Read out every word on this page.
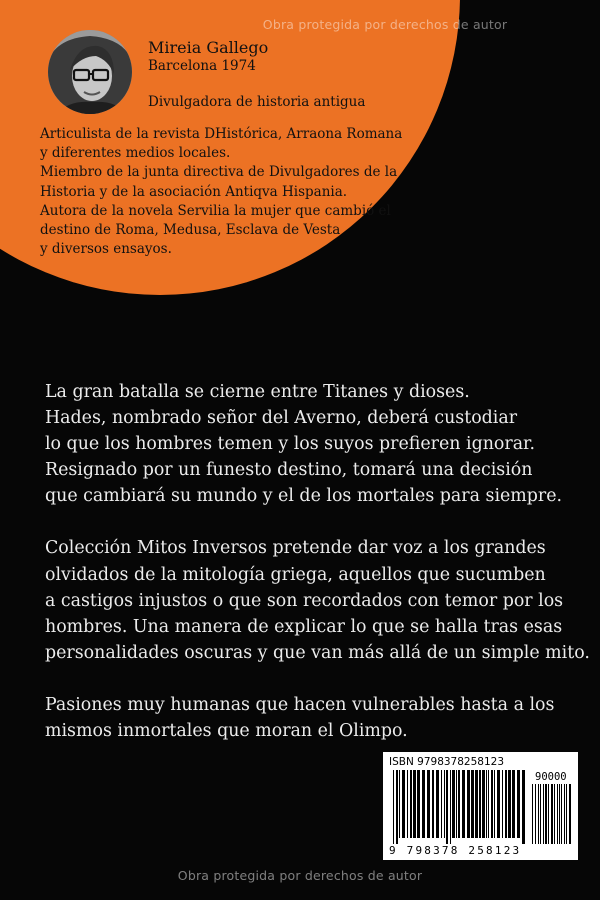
Obra protegida por derechos de autor
Mireia Gallego
Barcelona 1974
Divulgadora de historia antigua
Articulista de la revista DHistórica, Arraona Romana
y diferentes medios locales.
Miembro de la junta directiva de Divulgadores de la
Historia y de la asociación Antiqva Hispania.
Autora de la novela Servilia la mujer que cambió el
destino de Roma, Medusa, Esclava de Vesta
y diversos ensayos.
La gran batalla se cierne entre Titanes y dioses.
Hades, nombrado señor del Averno, deberá custodiar
lo que los hombres temen y los suyos prefieren ignorar.
Resignado por un funesto destino, tomará una decisión
que cambiará su mundo y el de los mortales para siempre.
Colección Mitos Inversos pretende dar voz a los grandes
olvidados de la mitología griega, aquellos que sucumben
a castigos injustos o que son recordados con temor por los
hombres. Una manera de explicar lo que se halla tras esas
personalidades oscuras y que van más allá de un simple mito.
Pasiones muy humanas que hacen vulnerables hasta a los
mismos inmortales que moran el Olimpo.
ISBN 9798378258123
90000
9 798378 258123
Obra protegida por derechos de autor
